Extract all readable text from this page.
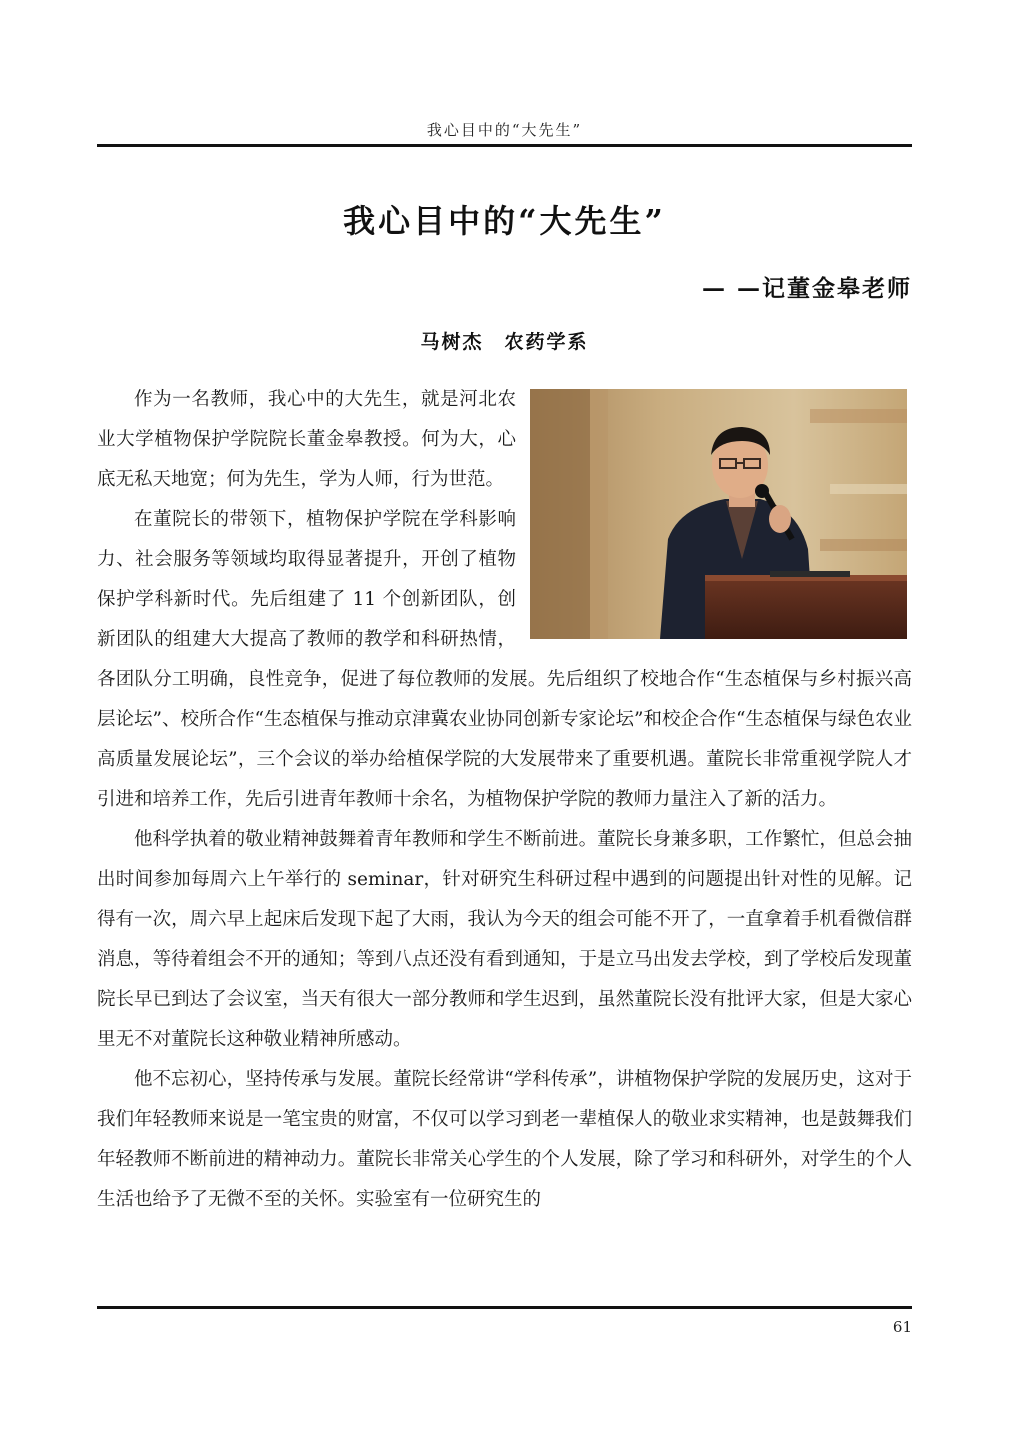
我心目中的“大先生”
我心目中的“大先生”
— —记董金皋老师
马树杰　农药学系

作为一名教师，我心中的大先生，就是河北农业大学植物保护学院院长董金皋教授。何为大，心底无私天地宽；何为先生，学为人师，行为世范。

在董院长的带领下，植物保护学院在学科影响力、社会服务等领域均取得显著提升，开创了植物保护学科新时代。先后组建了 11 个创新团队，创新团队的组建大大提高了教师的教学和科研热情，各团队分工明确，良性竞争，促进了每位教师的发展。先后组织了校地合作“生态植保与乡村振兴高层论坛”、校所合作“生态植保与推动京津冀农业协同创新专家论坛”和校企合作“生态植保与绿色农业高质量发展论坛”，三个会议的举办给植保学院的大发展带来了重要机遇。董院长非常重视学院人才引进和培养工作，先后引进青年教师十余名，为植物保护学院的教师力量注入了新的活力。

他科学执着的敬业精神鼓舞着青年教师和学生不断前进。董院长身兼多职，工作繁忙，但总会抽出时间参加每周六上午举行的 seminar，针对研究生科研过程中遇到的问题提出针对性的见解。记得有一次，周六早上起床后发现下起了大雨，我认为今天的组会可能不开了，一直拿着手机看微信群消息，等待着组会不开的通知；等到八点还没有看到通知，于是立马出发去学校，到了学校后发现董院长早已到达了会议室，当天有很大一部分教师和学生迟到，虽然董院长没有批评大家，但是大家心里无不对董院长这种敬业精神所感动。

他不忘初心，坚持传承与发展。董院长经常讲“学科传承”，讲植物保护学院的发展历史，这对于我们年轻教师来说是一笔宝贵的财富，不仅可以学习到老一辈植保人的敬业求实精神，也是鼓舞我们年轻教师不断前进的精神动力。董院长非常关心学生的个人发展，除了学习和科研外，对学生的个人生活也给予了无微不至的关怀。实验室有一位研究生的

61
